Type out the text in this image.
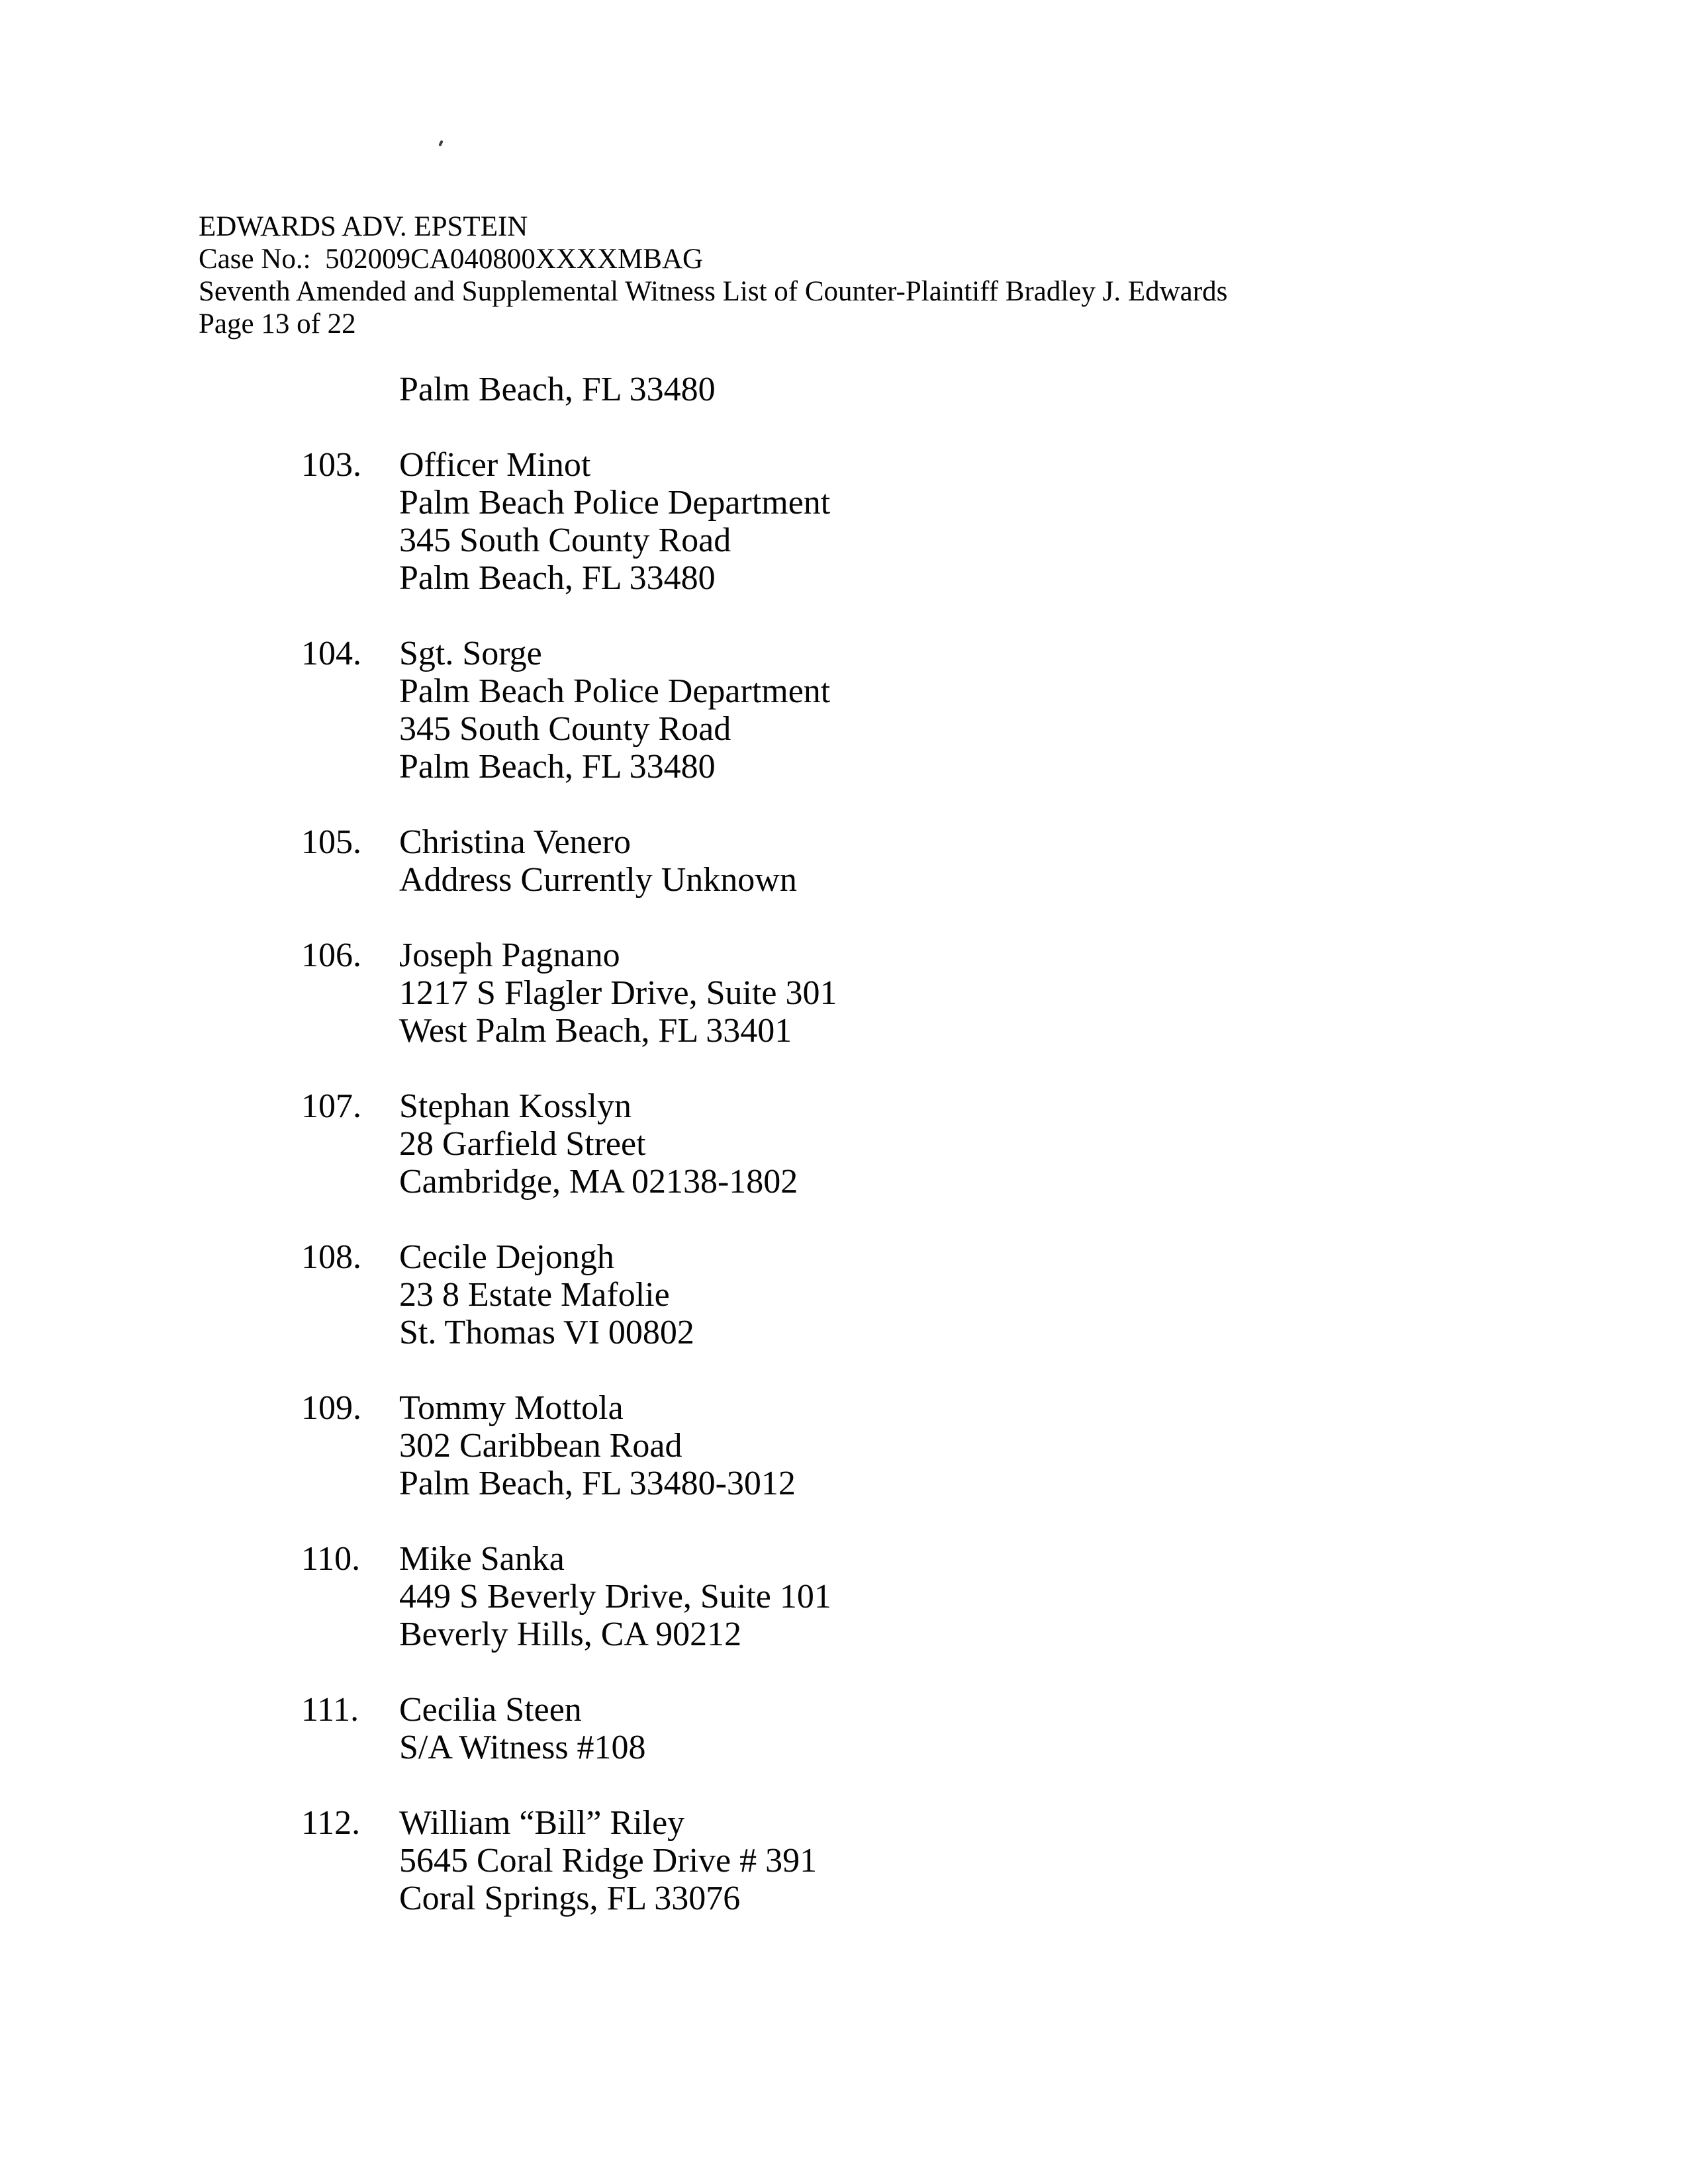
EDWARDS ADV. EPSTEIN
Case No.:  502009CA040800XXXXMBAG
Seventh Amended and Supplemental Witness List of Counter-Plaintiff Bradley J. Edwards
Page 13 of 22
Palm Beach, FL 33480
103.	Officer Minot
Palm Beach Police Department
345 South County Road
Palm Beach, FL 33480
104.	Sgt. Sorge
Palm Beach Police Department
345 South County Road
Palm Beach, FL 33480
105.	Christina Venero
Address Currently Unknown
106.	Joseph Pagnano
1217 S Flagler Drive, Suite 301
West Palm Beach, FL 33401
107.	Stephan Kosslyn
28 Garfield Street
Cambridge, MA 02138-1802
108.	Cecile Dejongh
23 8 Estate Mafolie
St. Thomas VI 00802
109.	Tommy Mottola
302 Caribbean Road
Palm Beach, FL 33480-3012
110.	Mike Sanka
449 S Beverly Drive, Suite 101
Beverly Hills, CA 90212
111.	Cecilia Steen
S/A Witness #108
112.	William “Bill” Riley
5645 Coral Ridge Drive # 391
Coral Springs, FL 33076
